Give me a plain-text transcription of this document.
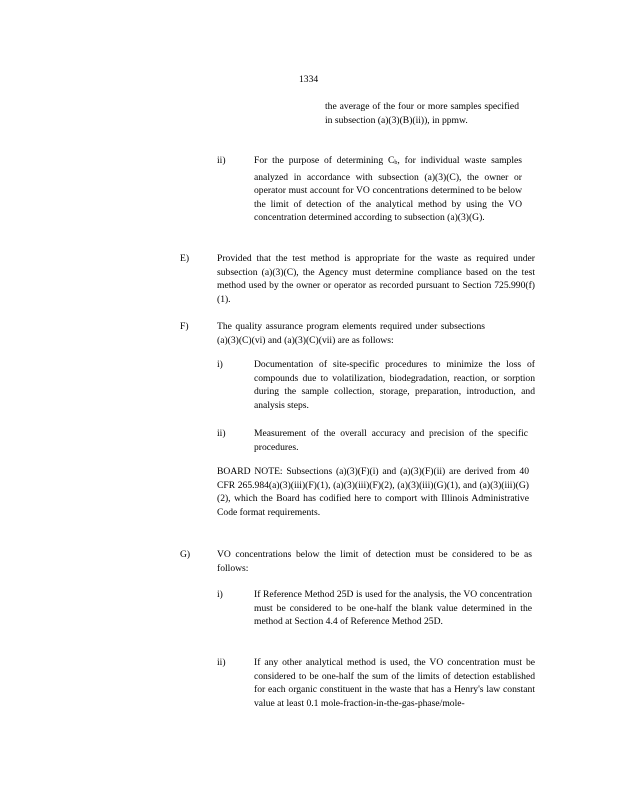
1334

the average of the four or more samples specified in subsection (a)(3)(B)(ii)), in ppmw.

ii)	For the purpose of determining Cb, for individual waste samples analyzed in accordance with subsection (a)(3)(C), the owner or operator must account for VO concentrations determined to be below the limit of detection of the analytical method by using the VO concentration determined according to subsection (a)(3)(G).

E)	Provided that the test method is appropriate for the waste as required under subsection (a)(3)(C), the Agency must determine compliance based on the test method used by the owner or operator as recorded pursuant to Section 725.990(f)(1).

F)	The quality assurance program elements required under subsections (a)(3)(C)(vi) and (a)(3)(C)(vii) are as follows:

i)	Documentation of site-specific procedures to minimize the loss of compounds due to volatilization, biodegradation, reaction, or sorption during the sample collection, storage, preparation, introduction, and analysis steps.

ii)	Measurement of the overall accuracy and precision of the specific procedures.

BOARD NOTE: Subsections (a)(3)(F)(i) and (a)(3)(F)(ii) are derived from 40 CFR 265.984(a)(3)(iii)(F)(1), (a)(3)(iii)(F)(2), (a)(3)(iii)(G)(1), and (a)(3)(iii)(G)(2), which the Board has codified here to comport with Illinois Administrative Code format requirements.

G)	VO concentrations below the limit of detection must be considered to be as follows:

i)	If Reference Method 25D is used for the analysis, the VO concentration must be considered to be one-half the blank value determined in the method at Section 4.4 of Reference Method 25D.

ii)	If any other analytical method is used, the VO concentration must be considered to be one-half the sum of the limits of detection established for each organic constituent in the waste that has a Henry's law constant value at least 0.1 mole-fraction-in-the-gas-phase/mole-
